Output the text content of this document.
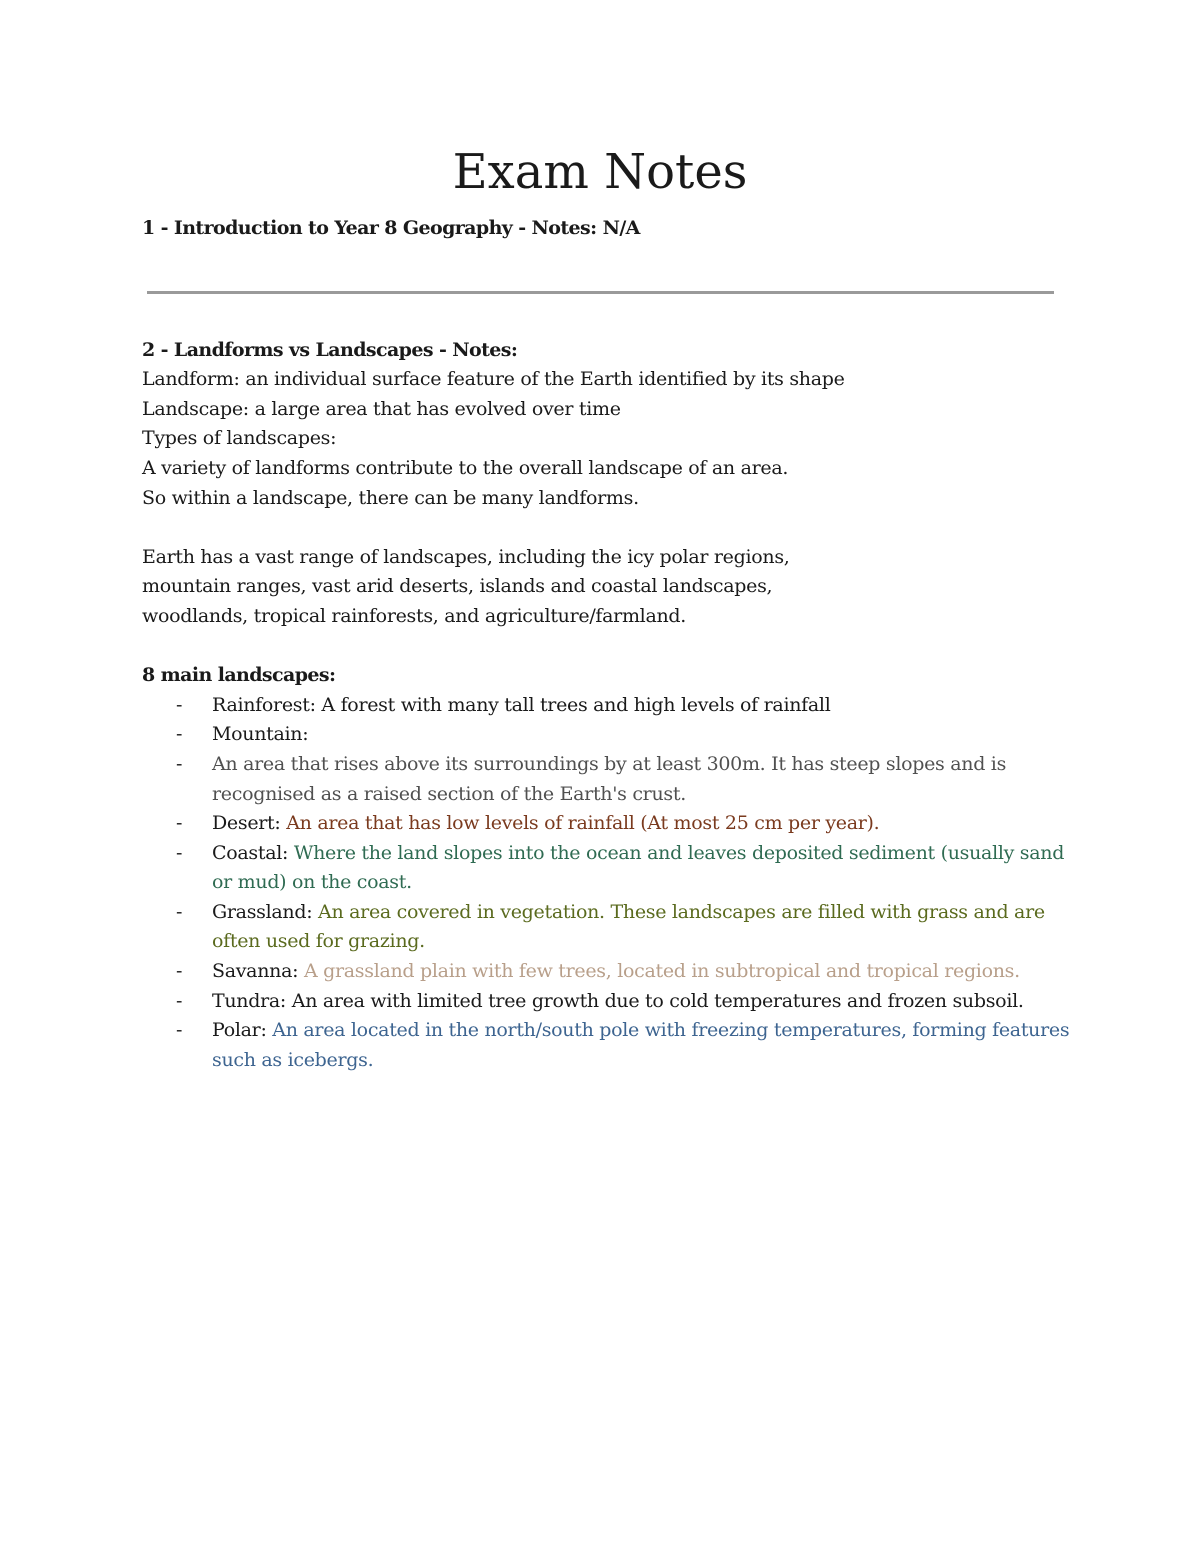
Exam Notes

1 - Introduction to Year 8 Geography - Notes: N/A

2 - Landforms vs Landscapes - Notes:

Landform: an individual surface feature of the Earth identified by its shape

Landscape: a large area that has evolved over time

Types of landscapes:

A variety of landforms contribute to the overall landscape of an area.

So within a landscape, there can be many landforms.

Earth has a vast range of landscapes, including the icy polar regions,

mountain ranges, vast arid deserts, islands and coastal landscapes,

woodlands, tropical rainforests, and agriculture/farmland.

8 main landscapes:

- Rainforest: A forest with many tall trees and high levels of rainfall
- Mountain:
- An area that rises above its surroundings by at least 300m. It has steep slopes and is recognised as a raised section of the Earth's crust.
- Desert: An area that has low levels of rainfall (At most 25 cm per year).
- Coastal: Where the land slopes into the ocean and leaves deposited sediment (usually sand or mud) on the coast.
- Grassland: An area covered in vegetation. These landscapes are filled with grass and are often used for grazing.
- Savanna: A grassland plain with few trees, located in subtropical and tropical regions.
- Tundra: An area with limited tree growth due to cold temperatures and frozen subsoil.
- Polar: An area located in the north/south pole with freezing temperatures, forming features such as icebergs.
